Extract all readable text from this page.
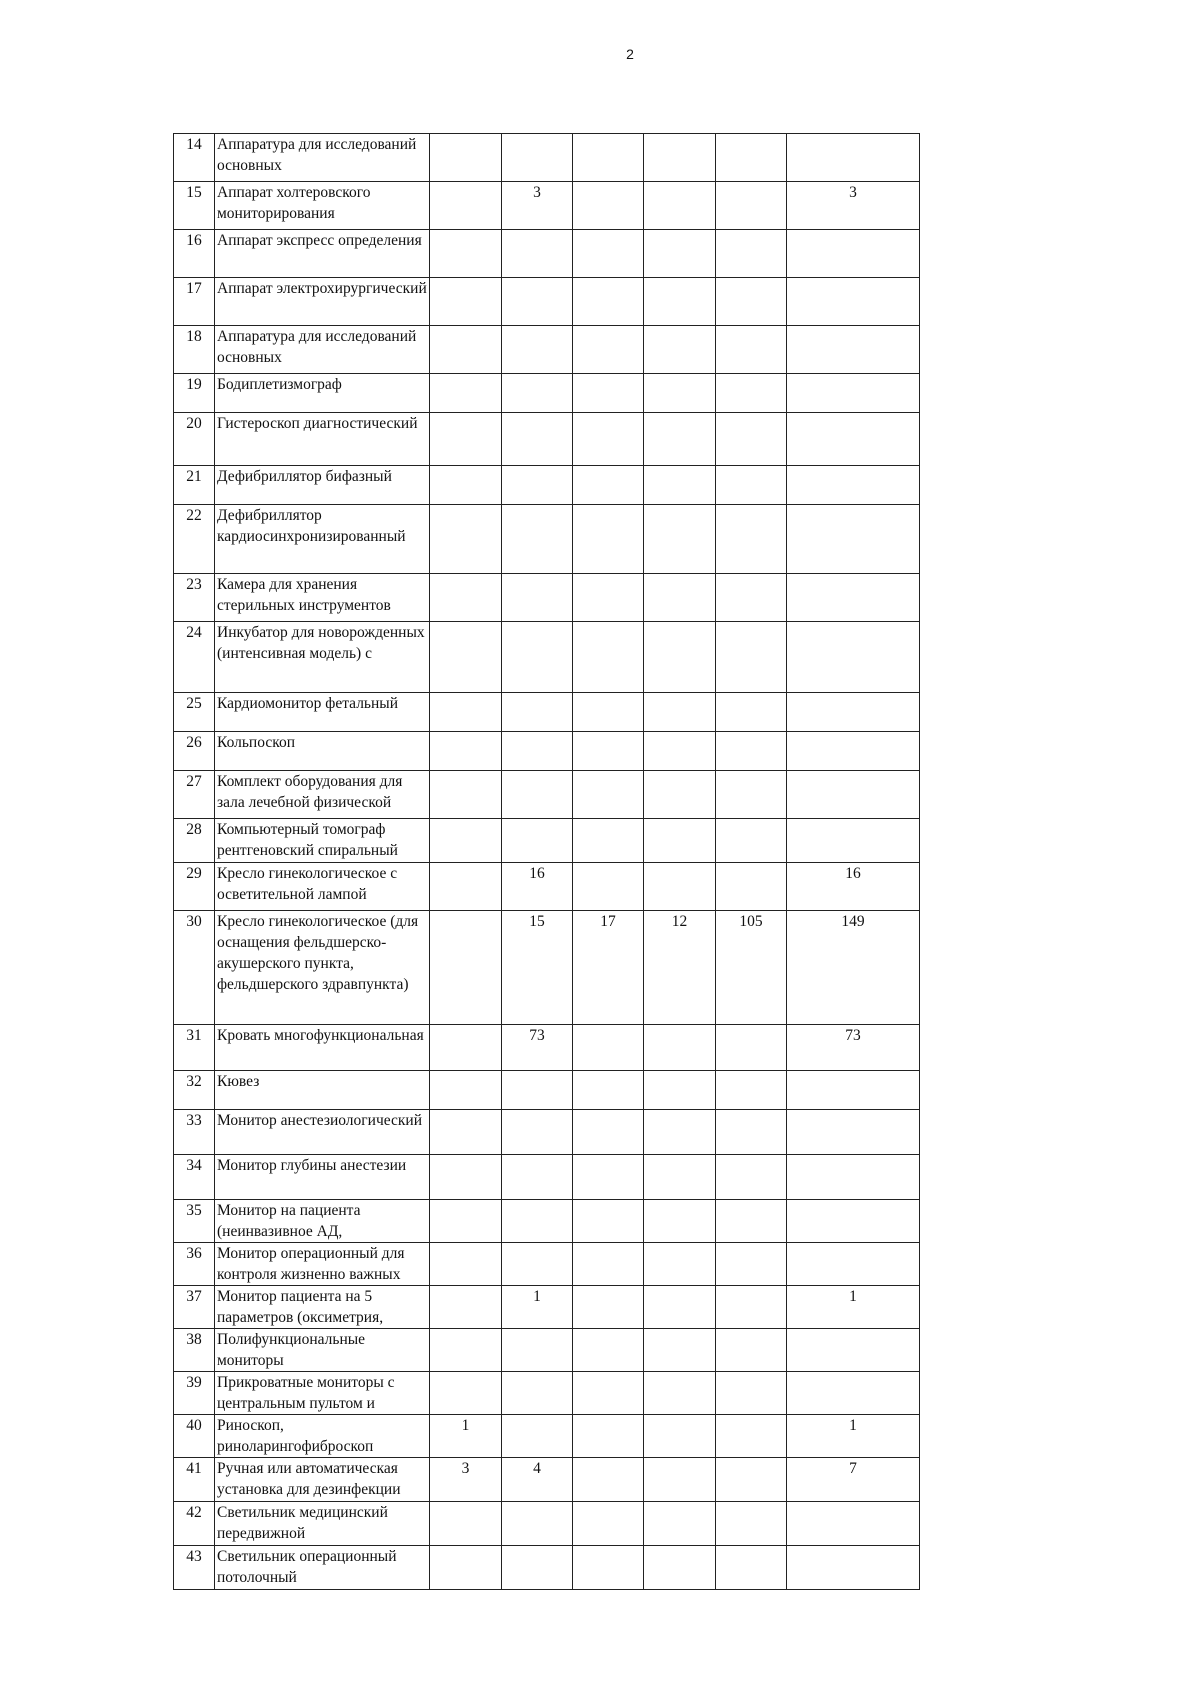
2
14	Аппаратура для исследований основных						
15	Аппарат холтеровского мониторирования		3				3
16	Аппарат экспресс определения						
17	Аппарат электрохирургический						
18	Аппаратура для исследований основных						
19	Бодиплетизмограф						
20	Гистероскоп диагностический						
21	Дефибриллятор бифазный						
22	Дефибриллятор кардиосинхронизированный						
23	Камера для хранения стерильных инструментов						
24	Инкубатор для новорожденных (интенсивная модель) с						
25	Кардиомонитор фетальный						
26	Кольпоскоп						
27	Комплект оборудования для зала лечебной физической						
28	Компьютерный томограф рентгеновский спиральный						
29	Кресло гинекологическое с осветительной лампой		16				16
30	Кресло гинекологическое (для оснащения фельдшерско-акушерского пункта, фельдшерского здравпункта)		15	17	12	105	149
31	Кровать многофункциональная		73				73
32	Кювез						
33	Монитор анестезиологический						
34	Монитор глубины анестезии						
35	Монитор на пациента (неинвазивное АД,						
36	Монитор операционный для контроля жизненно важных						
37	Монитор пациента на 5 параметров (оксиметрия,		1				1
38	Полифункциональные мониторы						
39	Прикроватные мониторы с центральным пультом и						
40	Риноскоп, риноларингофиброскоп	1					1
41	Ручная или автоматическая установка для дезинфекции	3	4				7
42	Светильник медицинский передвижной						
43	Светильник операционный потолочный						
